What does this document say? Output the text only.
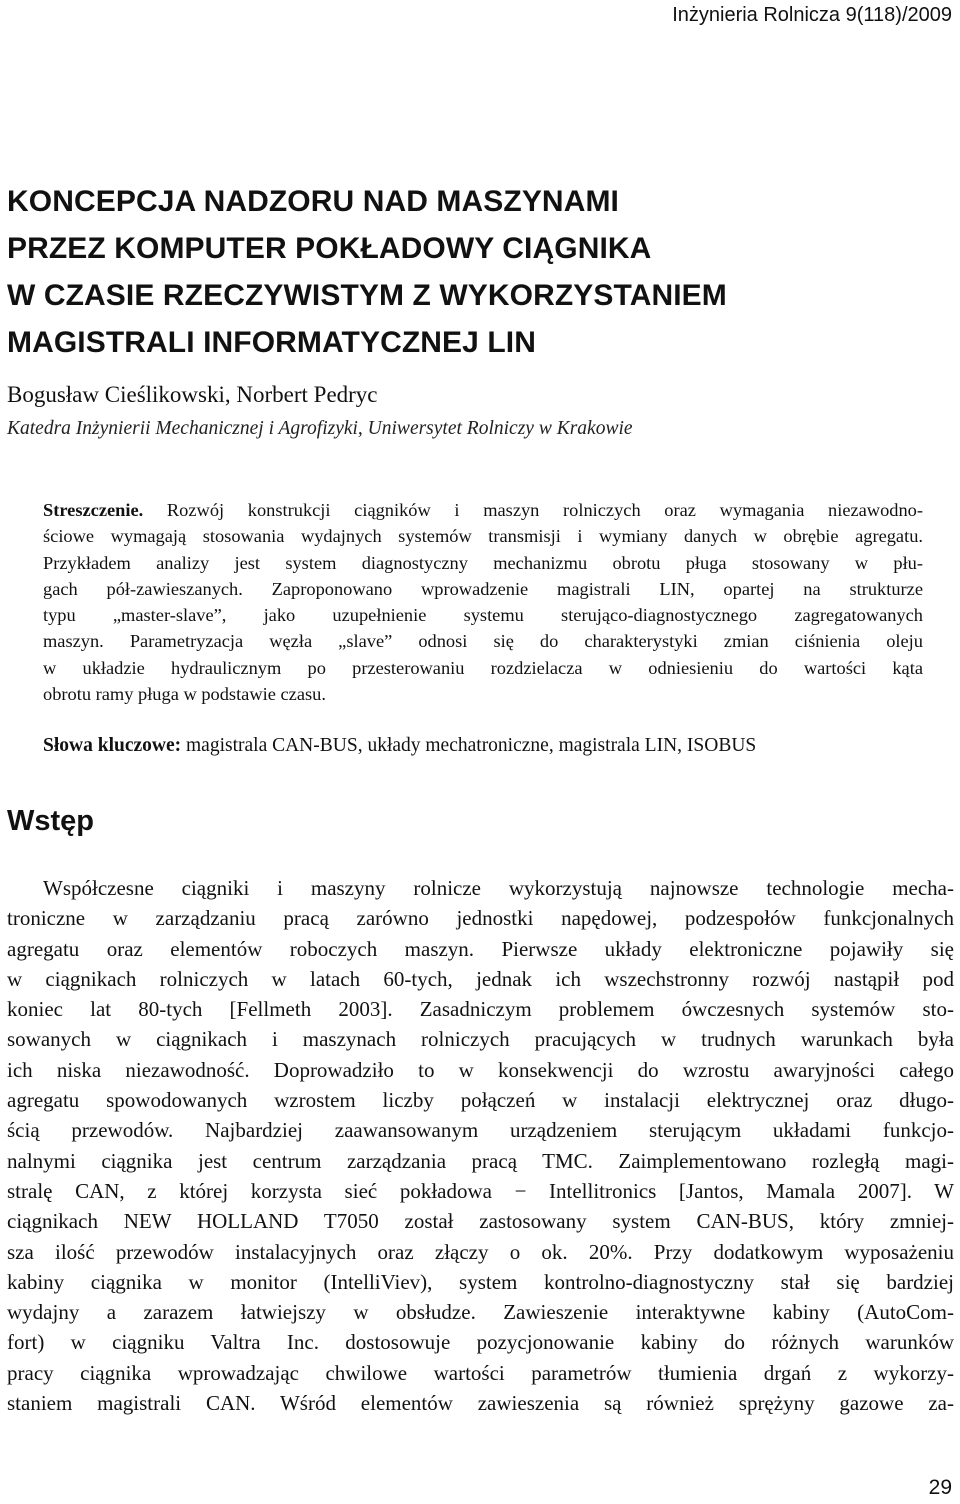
Inżynieria Rolnicza 9(118)/2009
KONCEPCJA NADZORU NAD MASZYNAMI
PRZEZ KOMPUTER POKŁADOWY CIĄGNIKA
W CZASIE RZECZYWISTYM Z WYKORZYSTANIEM
MAGISTRALI INFORMATYCZNEJ LIN
Bogusław Cieślikowski, Norbert Pedryc
Katedra Inżynierii Mechanicznej i Agrofizyki, Uniwersytet Rolniczy w Krakowie
Streszczenie. Rozwój konstrukcji ciągników i maszyn rolniczych oraz wymagania niezawodno-
ściowe wymagają stosowania wydajnych systemów transmisji i wymiany danych w obrębie agregatu.
Przykładem analizy jest system diagnostyczny mechanizmu obrotu pługa stosowany w płu-
gach pół-zawieszanych. Zaproponowano wprowadzenie magistrali LIN, opartej na strukturze
typu „master-slave”, jako uzupełnienie systemu sterująco-diagnostycznego zagregatowanych
maszyn. Parametryzacja węzła „slave” odnosi się do charakterystyki zmian ciśnienia oleju
w układzie hydraulicznym po przesterowaniu rozdzielacza w odniesieniu do wartości kąta
obrotu ramy pługa w podstawie czasu.
Słowa kluczowe: magistrala CAN-BUS, układy mechatroniczne, magistrala LIN, ISOBUS
Wstęp
Współczesne ciągniki i maszyny rolnicze wykorzystują najnowsze technologie mecha-
troniczne w zarządzaniu pracą zarówno jednostki napędowej, podzespołów funkcjonalnych
agregatu oraz elementów roboczych maszyn. Pierwsze układy elektroniczne pojawiły się
w ciągnikach rolniczych w latach 60-tych, jednak ich wszechstronny rozwój nastąpił pod
koniec lat 80-tych [Fellmeth 2003]. Zasadniczym problemem ówczesnych systemów sto-
sowanych w ciągnikach i maszynach rolniczych pracujących w trudnych warunkach była
ich niska niezawodność. Doprowadziło to w konsekwencji do wzrostu awaryjności całego
agregatu spowodowanych wzrostem liczby połączeń w instalacji elektrycznej oraz długo-
ścią przewodów. Najbardziej zaawansowanym urządzeniem sterującym układami funkcjo-
nalnymi ciągnika jest centrum zarządzania pracą TMC. Zaimplementowano rozległą magi-
stralę CAN, z której korzysta sieć pokładowa − Intellitronics [Jantos, Mamala 2007]. W
ciągnikach NEW HOLLAND T7050 został zastosowany system CAN-BUS, który zmniej-
sza ilość przewodów instalacyjnych oraz złączy o ok. 20%. Przy dodatkowym wyposażeniu
kabiny ciągnika w monitor (IntelliViev), system kontrolno-diagnostyczny stał się bardziej
wydajny a zarazem łatwiejszy w obsłudze. Zawieszenie interaktywne kabiny (AutoCom-
fort) w ciągniku Valtra Inc. dostosowuje pozycjonowanie kabiny do różnych warunków
pracy ciągnika wprowadzając chwilowe wartości parametrów tłumienia drgań z wykorzy-
staniem magistrali CAN. Wśród elementów zawieszenia są również sprężyny gazowe za-
29
